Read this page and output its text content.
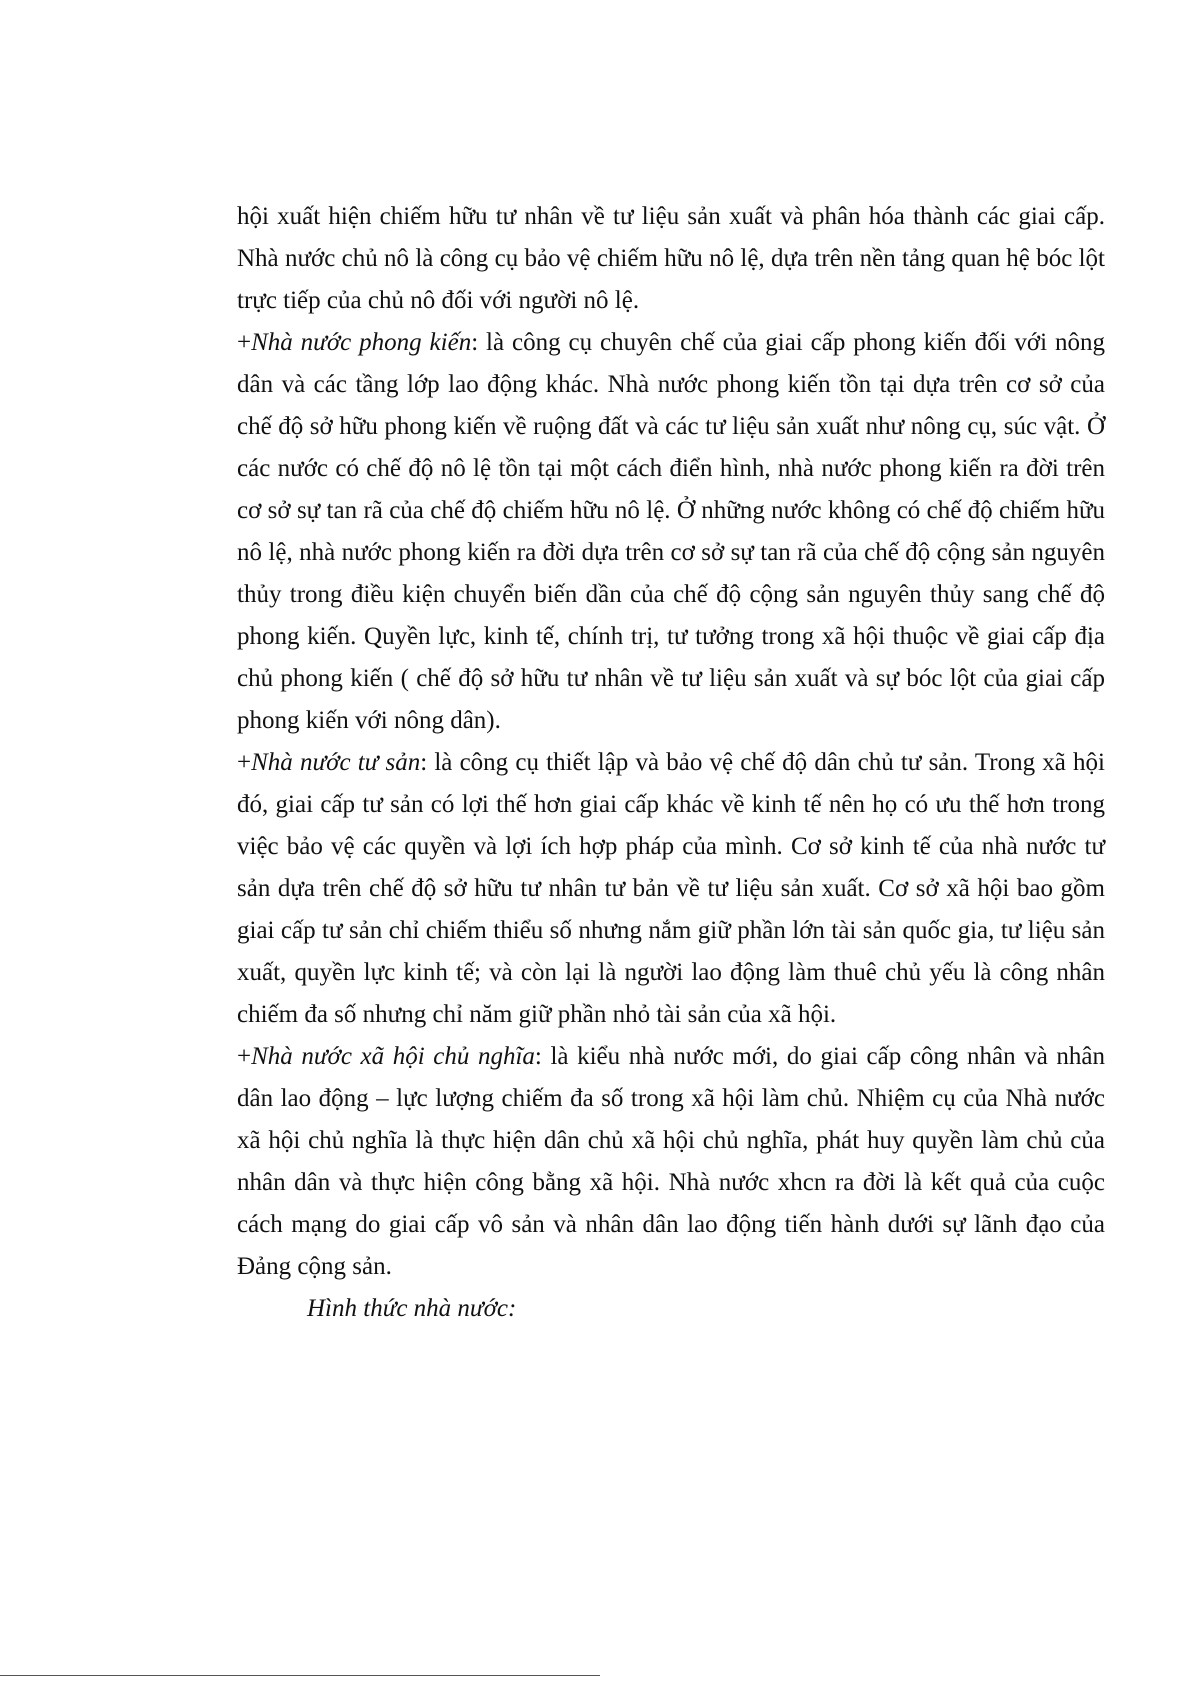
hội xuất hiện chiếm hữu tư nhân về tư liệu sản xuất và phân hóa thành các giai cấp. Nhà nước chủ nô là công cụ bảo vệ chiếm hữu nô lệ, dựa trên nền tảng quan hệ bóc lột trực tiếp của chủ nô đối với người nô lệ.

+Nhà nước phong kiến: là công cụ chuyên chế của giai cấp phong kiến đối với nông dân và các tầng lớp lao động khác. Nhà nước phong kiến tồn tại dựa trên cơ sở của chế độ sở hữu phong kiến về ruộng đất và các tư liệu sản xuất như nông cụ, súc vật. Ở các nước có chế độ nô lệ tồn tại một cách điển hình, nhà nước phong kiến ra đời trên cơ sở sự tan rã của chế độ chiếm hữu nô lệ. Ở những nước không có chế độ chiếm hữu nô lệ, nhà nước phong kiến ra đời dựa trên cơ sở sự tan rã của chế độ cộng sản nguyên thủy trong điều kiện chuyển biến dần của chế độ cộng sản nguyên thủy sang chế độ phong kiến. Quyền lực, kinh tế, chính trị, tư tưởng trong xã hội thuộc về giai cấp địa chủ phong kiến ( chế độ sở hữu tư nhân về tư liệu sản xuất và sự bóc lột của giai cấp phong kiến với nông dân).

+Nhà nước tư sản: là công cụ thiết lập và bảo vệ chế độ dân chủ tư sản. Trong xã hội đó, giai cấp tư sản có lợi thế hơn giai cấp khác về kinh tế nên họ có ưu thế hơn trong việc bảo vệ các quyền và lợi ích hợp pháp của mình. Cơ sở kinh tế của nhà nước tư sản dựa trên chế độ sở hữu tư nhân tư bản về tư liệu sản xuất. Cơ sở xã hội bao gồm giai cấp tư sản chỉ chiếm thiểu số nhưng nắm giữ phần lớn tài sản quốc gia, tư liệu sản xuất, quyền lực kinh tế; và còn lại là người lao động làm thuê chủ yếu là công nhân chiếm đa số nhưng chỉ năm giữ phần nhỏ tài sản của xã hội.

+Nhà nước xã hội chủ nghĩa: là kiểu nhà nước mới, do giai cấp công nhân và nhân dân lao động – lực lượng chiếm đa số trong xã hội làm chủ. Nhiệm cụ của Nhà nước xã hội chủ nghĩa là thực hiện dân chủ xã hội chủ nghĩa, phát huy quyền làm chủ của nhân dân và thực hiện công bằng xã hội. Nhà nước xhcn ra đời là kết quả của cuộc cách mạng do giai cấp vô sản và nhân dân lao động tiến hành dưới sự lãnh đạo của Đảng cộng sản.

Hình thức nhà nước:
